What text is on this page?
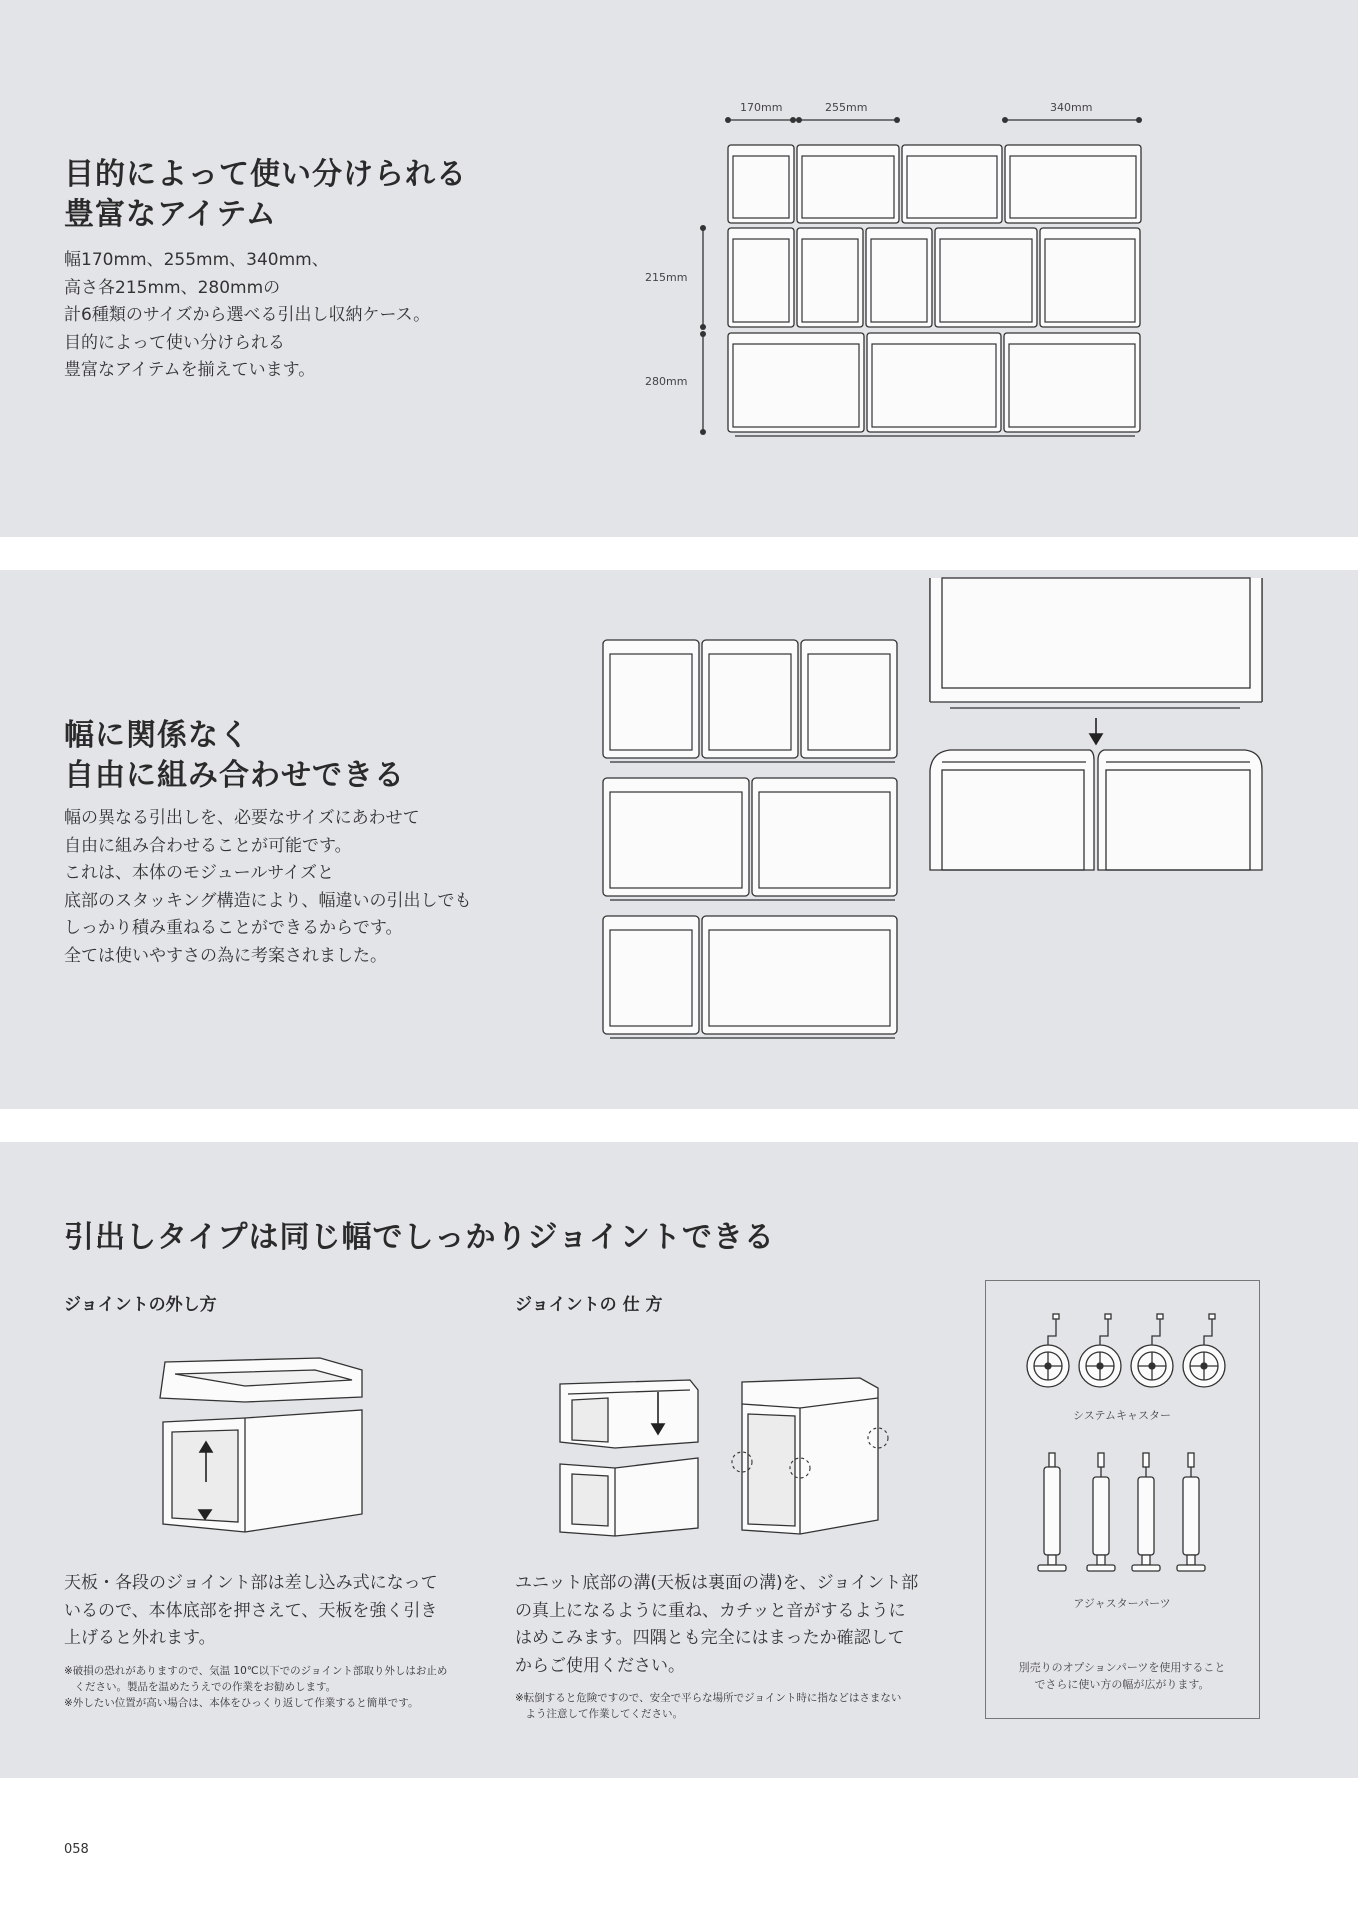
目的によって使い分けられる
豊富なアイテム
幅170mm、255mm、340mm、
高さ各215mm、280mmの
計6種類のサイズから選べる引出し収納ケース。
目的によって使い分けられる
豊富なアイテムを揃えています。
170mm	255mm	340mm
215mm
280mm
幅に関係なく
自由に組み合わせできる
幅の異なる引出しを、必要なサイズにあわせて
自由に組み合わせることが可能です。
これは、本体のモジュールサイズと
底部のスタッキング構造により、幅違いの引出しでも
しっかり積み重ねることができるからです。
全ては使いやすさの為に考案されました。
引出しタイプは同じ幅でしっかりジョイントできる
ジョイントの外し方	ジョイントの 仕 方
天板・各段のジョイント部は差し込み式になって
いるので、本体底部を押さえて、天板を強く引き
上げると外れます。
※破損の恐れがありますので、気温 10℃以下でのジョイント部取り外しはお止め
　ください。製品を温めたうえでの作業をお勧めします。
※外したい位置が高い場合は、本体をひっくり返して作業すると簡単です。
ユニット底部の溝(天板は裏面の溝)を、ジョイント部
の真上になるように重ね、カチッと音がするように
はめこみます。四隅とも完全にはまったか確認して
からご使用ください。
※転倒すると危険ですので、安全で平らな場所でジョイント時に指などはさまない
　よう注意して作業してください。

システムキャスター

アジャスターパーツ

別売りのオプションパーツを使用すること
でさらに使い方の幅が広がります。
058
